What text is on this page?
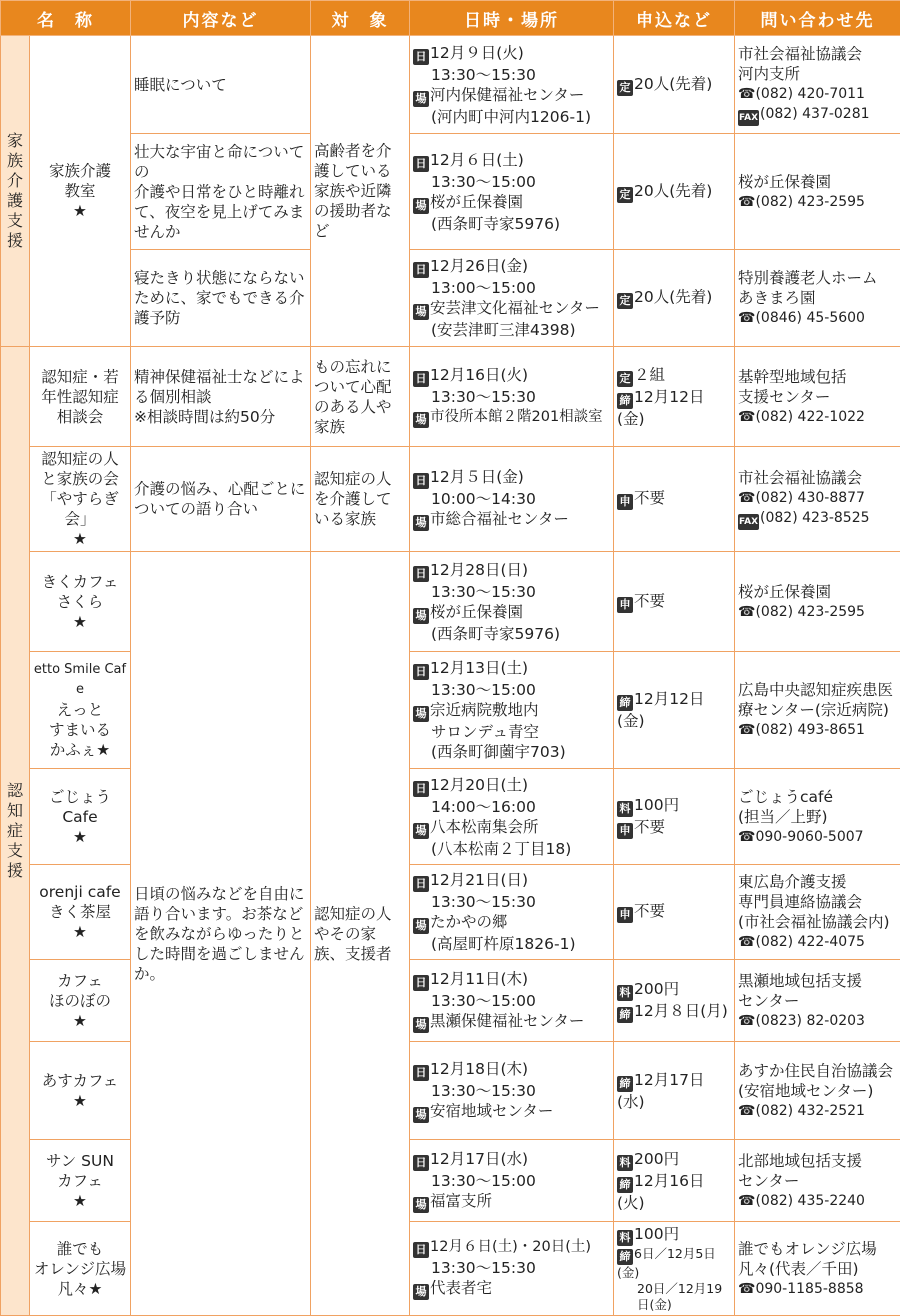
名　称		内容など	対　象	日時・場所	申込など	問い合わせ先
家族介護支援	家族介護
教室
★	睡眠について	高齢者を介護している家族や近隣の援助者など	日 12月９日(火)
13:30〜15:30
場 河内保健福祉センター
(河内町中河内1206-1)	定 20人(先着)	市社会福祉協議会
河内支所
☎(082) 420-7011
FAX (082) 437-0281

		壮大な宇宙と命についての
介護や日常をひと時離れて、夜空を見上げてみませんか		日 12月６日(土)
13:30〜15:00
場 桜が丘保養園
(西条町寺家5976)	定 20人(先着)	桜が丘保養園
☎(082) 423-2595

		寝たきり状態にならないために、家でもできる介護予防		日 12月26日(金)
13:00〜15:00
場 安芸津文化福祉センター
(安芸津町三津4398)	定 20人(先着)	特別養護老人ホーム
あきまろ園
☎(0846) 45-5600

認知症支援	認知症・若
年性認知症
相談会	精神保健福祉士などによる個別相談
※相談時間は約50分	もの忘れについて心配のある人や家族	日 12月16日(火)
13:30〜15:30
場 市役所本館２階201相談室	定 ２組
締 12月12日(金)	基幹型地域包括
支援センター
☎(082) 422-1022

	認知症の人
と家族の会
「やすらぎ会」
★	介護の悩み、心配ごとについての語り合い	認知症の人を介護している家族	日 12月５日(金)
10:00〜14:30
場 市総合福祉センター	申 不要	市社会福祉協議会
☎(082) 430-8877
FAX (082) 423-8525

	きくカフェ
さくら
★	日頃の悩みなどを自由に語り合います。お茶などを飲みながらゆったりとした時間を過ごしませんか。	認知症の人やその家族、支援者	日 12月28日(日)
13:30〜15:30
場 桜が丘保養園
(西条町寺家5976)	申 不要	桜が丘保養園
☎(082) 423-2595

	etto Smile Cafe
えっと
すまいる
かふぇ★			日 12月13日(土)
13:30〜15:00
場 宗近病院敷地内
サロンデュ青空
(西条町御薗宇703)	締 12月12日(金)	広島中央認知症疾患医
療センター(宗近病院)
☎(082) 493-8651

	ごじょう
Cafe
★			日 12月20日(土)
14:00〜16:00
場 八本松南集会所
(八本松南２丁目18)	料 100円
申 不要	ごじょうcafé
(担当／上野)
☎090-9060-5007

	orenji cafe
きく茶屋
★			日 12月21日(日)
13:30〜15:30
場 たかやの郷
(高屋町杵原1826-1)	申 不要	東広島介護支援
専門員連絡協議会
(市社会福祉協議会内)
☎(082) 422-4075

	カフェ
ほのぼの
★			日 12月11日(木)
13:30〜15:00
場 黒瀬保健福祉センター	料 200円
締 12月８日(月)	黒瀬地域包括支援
センター
☎(0823) 82-0203

	あすカフェ
★			日 12月18日(木)
13:30〜15:30
場 安宿地域センター	締 12月17日(水)	あすか住民自治協議会
(安宿地域センター)
☎(082) 432-2521

	サン SUN
カフェ
★			日 12月17日(水)
13:30〜15:00
場 福富支所	料 200円
締 12月16日(火)	北部地域包括支援
センター
☎(082) 435-2240

	誰でも
オレンジ広場
凡々★			日 12月６日(土)・20日(土)
13:30〜15:30
場 代表者宅	料 100円
締 6日／12月5日(金)
20日／12月19日(金)	誰でもオレンジ広場
凡々(代表／千田)
☎090-1185-8858
